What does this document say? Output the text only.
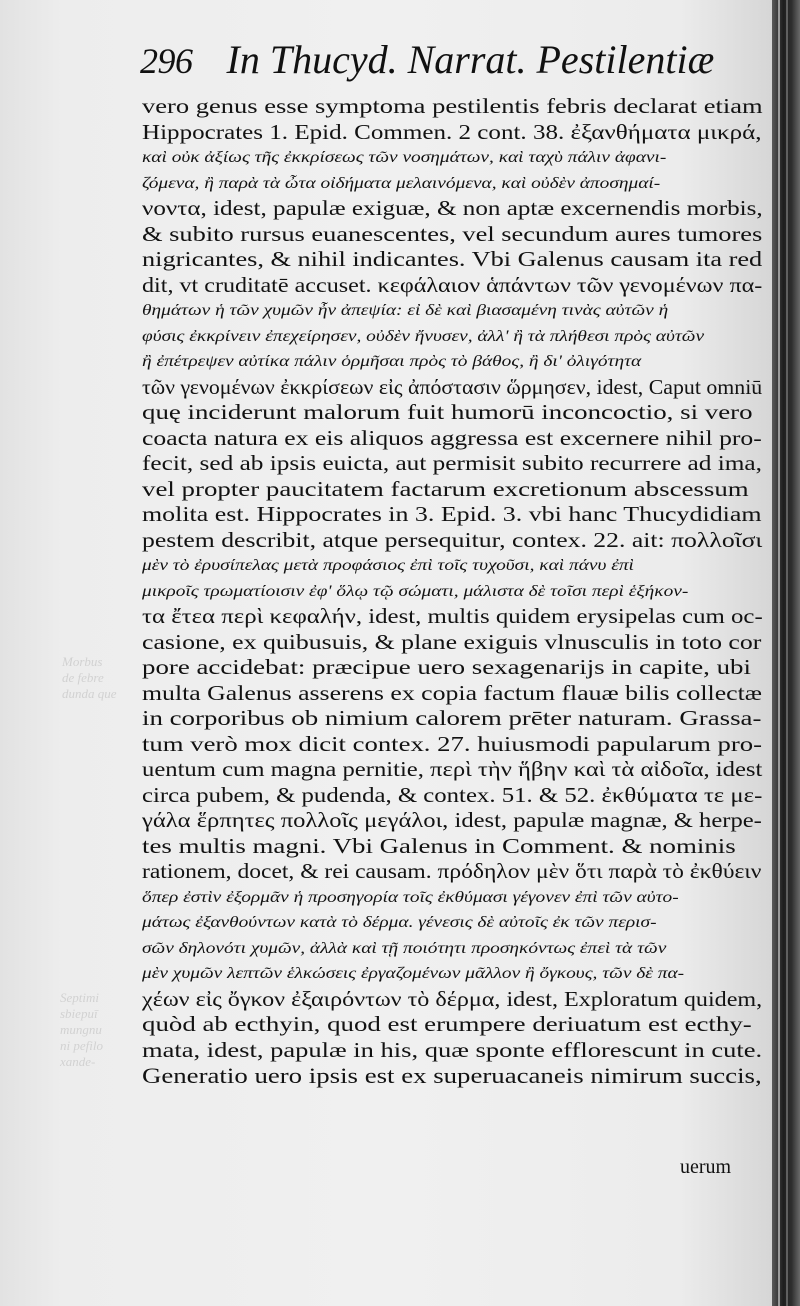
296 In Thucyd. Narrat. Pestilentiæ
vero genus esse symptoma pestilentis febris declarat etiam
Hippocrates 1. Epid. Commen. 2 cont. 38. ἐξανθήματα μικρά,
καὶ οὐκ ἀξίως τῆς ἐκκρίσεως τῶν νοσημάτων, καὶ ταχὺ πάλιν ἀφανι-
ζόμενα, ἢ παρὰ τὰ ὦτα οἰδήματα μελαινόμενα, καὶ οὐδὲν ἀποσημαί-
νοντα, idest, papulæ exiguæ, & non aptæ excernendis morbis,
& subito rursus euanescentes, vel secundum aures tumores
nigricantes, & nihil indicantes. Vbi Galenus causam ita red
dit, vt cruditatē accuset. κεφάλαιον ἁπάντων τῶν γενομένων πα-
θημάτων ἡ τῶν χυμῶν ἦν ἀπεψία: εἰ δὲ καὶ βιασαμένη τινὰς αὐτῶν ἡ
φύσις ἐκκρίνειν ἐπεχείρησεν, οὐδὲν ἤνυσεν, ἀλλ' ἢ τὰ πλήθεσι πρὸς αὐτῶν
ἢ ἐπέτρεψεν αὐτίκα πάλιν ὁρμῆσαι πρὸς τὸ βάθος, ἢ δι' ὀλιγότητα
τῶν γενομένων ἐκκρίσεων εἰς ἀπόστασιν ὥρμησεν, idest, Caput omniū
quę inciderunt malorum fuit humorū inconcoctio, si vero
coacta natura ex eis aliquos aggressa est excernere nihil pro-
fecit, sed ab ipsis euicta, aut permisit subito recurrere ad ima,
vel propter paucitatem factarum excretionum abscessum
molita est. Hippocrates in 3. Epid. 3. vbi hanc Thucydidiam
pestem describit, atque persequitur, contex. 22. ait: πολλοῖσι
μὲν τὸ ἐρυσίπελας μετὰ προφάσιος ἐπὶ τοῖς τυχοῦσι, καὶ πάνυ ἐπὶ
μικροῖς τρωματίοισιν ἐφ' ὅλῳ τῷ σώματι, μάλιστα δὲ τοῖσι περὶ ἑξήκον-
τα ἔτεα περὶ κεφαλήν, idest, multis quidem erysipelas cum oc-
casione, ex quibusuis, & plane exiguis vlnusculis in toto cor
pore accidebat: præcipue uero sexagenarijs in capite, ubi
multa Galenus asserens ex copia factum flauæ bilis collectæ
in corporibus ob nimium calorem prēter naturam. Grassa-
tum verò mox dicit contex. 27. huiusmodi papularum pro-
uentum cum magna pernitie, περὶ τὴν ἥβην καὶ τὰ αἰδοῖα, idest
circa pubem, & pudenda, & contex. 51. & 52. ἐκθύματα τε με-
γάλα ἕρπητες πολλοῖς μεγάλοι, idest, papulæ magnæ, & herpe-
tes multis magni. Vbi Galenus in Comment. & nominis
rationem, docet, & rei causam. πρόδηλον μὲν ὅτι παρὰ τὸ ἐκθύειν
ὅπερ ἐστὶν ἐξορμᾶν ἡ προσηγορία τοῖς ἐκθύμασι γέγονεν ἐπὶ τῶν αὐτο-
μάτως ἐξανθούντων κατὰ τὸ δέρμα. γένεσις δὲ αὐτοῖς ἐκ τῶν περισ-
σῶν δηλονότι χυμῶν, ἀλλὰ καὶ τῇ ποιότητι προσηκόντως ἐπεὶ τὰ τῶν
μὲν χυμῶν λεπτῶν ἑλκώσεις ἐργαζομένων μᾶλλον ἢ ὄγκους, τῶν δὲ πα-
χέων εἰς ὄγκον ἐξαιρόντων τὸ δέρμα, idest, Exploratum quidem,
quòd ab ecthyin, quod est erumpere deriuatum est ecthy-
mata, idest, papulæ in his, quæ sponte efflorescunt in cute.
Generatio uero ipsis est ex superuacaneis nimirum succis,
uerum
Morbus
de febre
dunda que
Septimi
sbiepuī
mungnu
ni pefilo
xande-
